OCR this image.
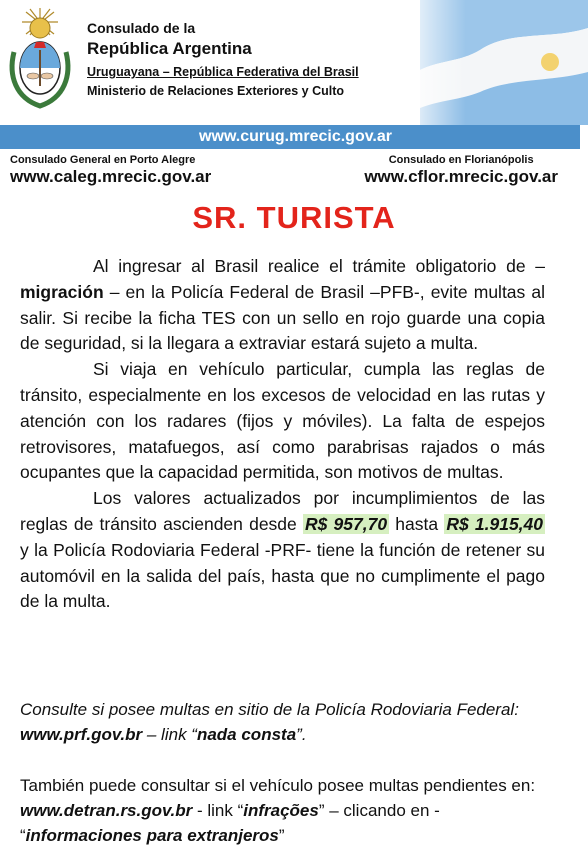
Consulado de la
República Argentina
Uruguayana – República Federativa del Brasil
Ministerio de Relaciones Exteriores y Culto
www.curug.mrecic.gov.ar
Consulado General en Porto Alegre
www.caleg.mrecic.gov.ar
Consulado en Florianópolis
www.cflor.mrecic.gov.ar
SR. TURISTA

Al ingresar al Brasil realice el trámite obligatorio de – migración – en la Policía Federal de Brasil –PFB-, evite multas al salir. Si recibe la ficha TES con un sello en rojo guarde una copia de seguridad, si la llegara a extraviar estará sujeto a multa.

Si viaja en vehículo particular, cumpla las reglas de tránsito, especialmente en los excesos de velocidad en las rutas y atención con los radares (fijos y móviles). La falta de espejos retrovisores, matafuegos, así como parabrisas rajados o más ocupantes que la capacidad permitida, son motivos de multas.

Los valores actualizados por incumplimientos de las reglas de tránsito ascienden desde R$ 957,70 hasta R$ 1.915,40 y la Policía Rodoviaria Federal -PRF- tiene la función de retener su automóvil en la salida del país, hasta que no cumplimente el pago de la multa.

Consulte si posee multas en sitio de la Policía Rodoviaria Federal: www.prf.gov.br – link “nada consta”.
También puede consultar si el vehículo posee multas pendientes en: www.detran.rs.gov.br - link “infrações” – clicando en - “informaciones para extranjeros”
